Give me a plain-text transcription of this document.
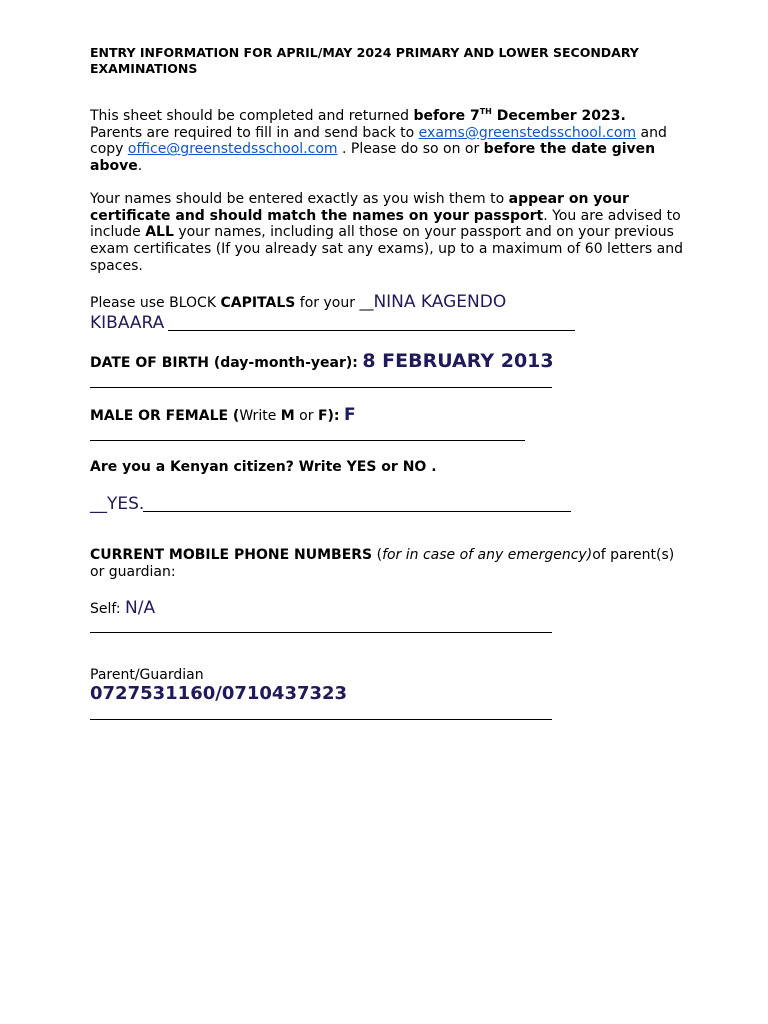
ENTRY INFORMATION FOR APRIL/MAY 2024 PRIMARY AND LOWER SECONDARY EXAMINATIONS
This sheet should be completed and returned before 7TH December 2023.
Parents are required to fill in and send back to exams@greenstedsschool.com and copy office@greenstedsschool.com . Please do so on or before the date given above.
Your names should be entered exactly as you wish them to appear on your certificate and should match the names on your passport. You are advised to include ALL your names, including all those on your passport and on your previous exam certificates (If you already sat any exams), up to a maximum of 60 letters and spaces.
Please use BLOCK CAPITALS for your __NINA KAGENDO
KIBAARA
DATE OF BIRTH (day-month-year): 8 FEBRUARY 2013
MALE OR FEMALE (Write M or F): F
Are you a Kenyan citizen? Write YES or NO .
__YES.
CURRENT MOBILE PHONE NUMBERS (for in case of any emergency)of parent(s) or guardian:
Self: N/A
Parent/Guardian
0727531160/0710437323
